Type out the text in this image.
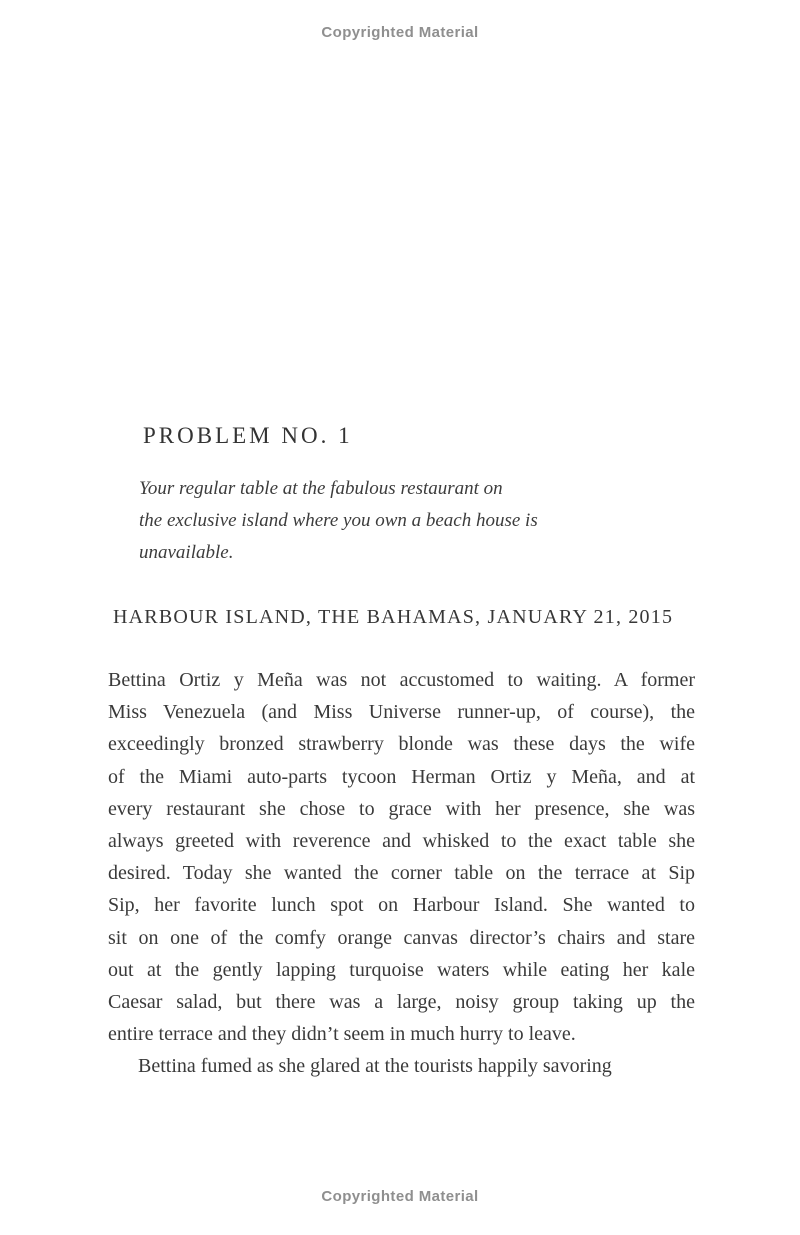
Copyrighted Material
PROBLEM NO. 1
Your regular table at the fabulous restaurant on
the exclusive island where you own a beach house is
unavailable.
HARBOUR ISLAND, THE BAHAMAS, JANUARY 21, 2015
Bettina Ortiz y Meña was not accustomed to waiting. A former
Miss Venezuela (and Miss Universe runner-up, of course), the
exceedingly bronzed strawberry blonde was these days the wife
of the Miami auto-parts tycoon Herman Ortiz y Meña, and at
every restaurant she chose to grace with her presence, she was
always greeted with reverence and whisked to the exact table she
desired. Today she wanted the corner table on the terrace at Sip
Sip, her favorite lunch spot on Harbour Island. She wanted to
sit on one of the comfy orange canvas director’s chairs and stare
out at the gently lapping turquoise waters while eating her kale
Caesar salad, but there was a large, noisy group taking up the
entire terrace and they didn’t seem in much hurry to leave.
Bettina fumed as she glared at the tourists happily savoring
Copyrighted Material
